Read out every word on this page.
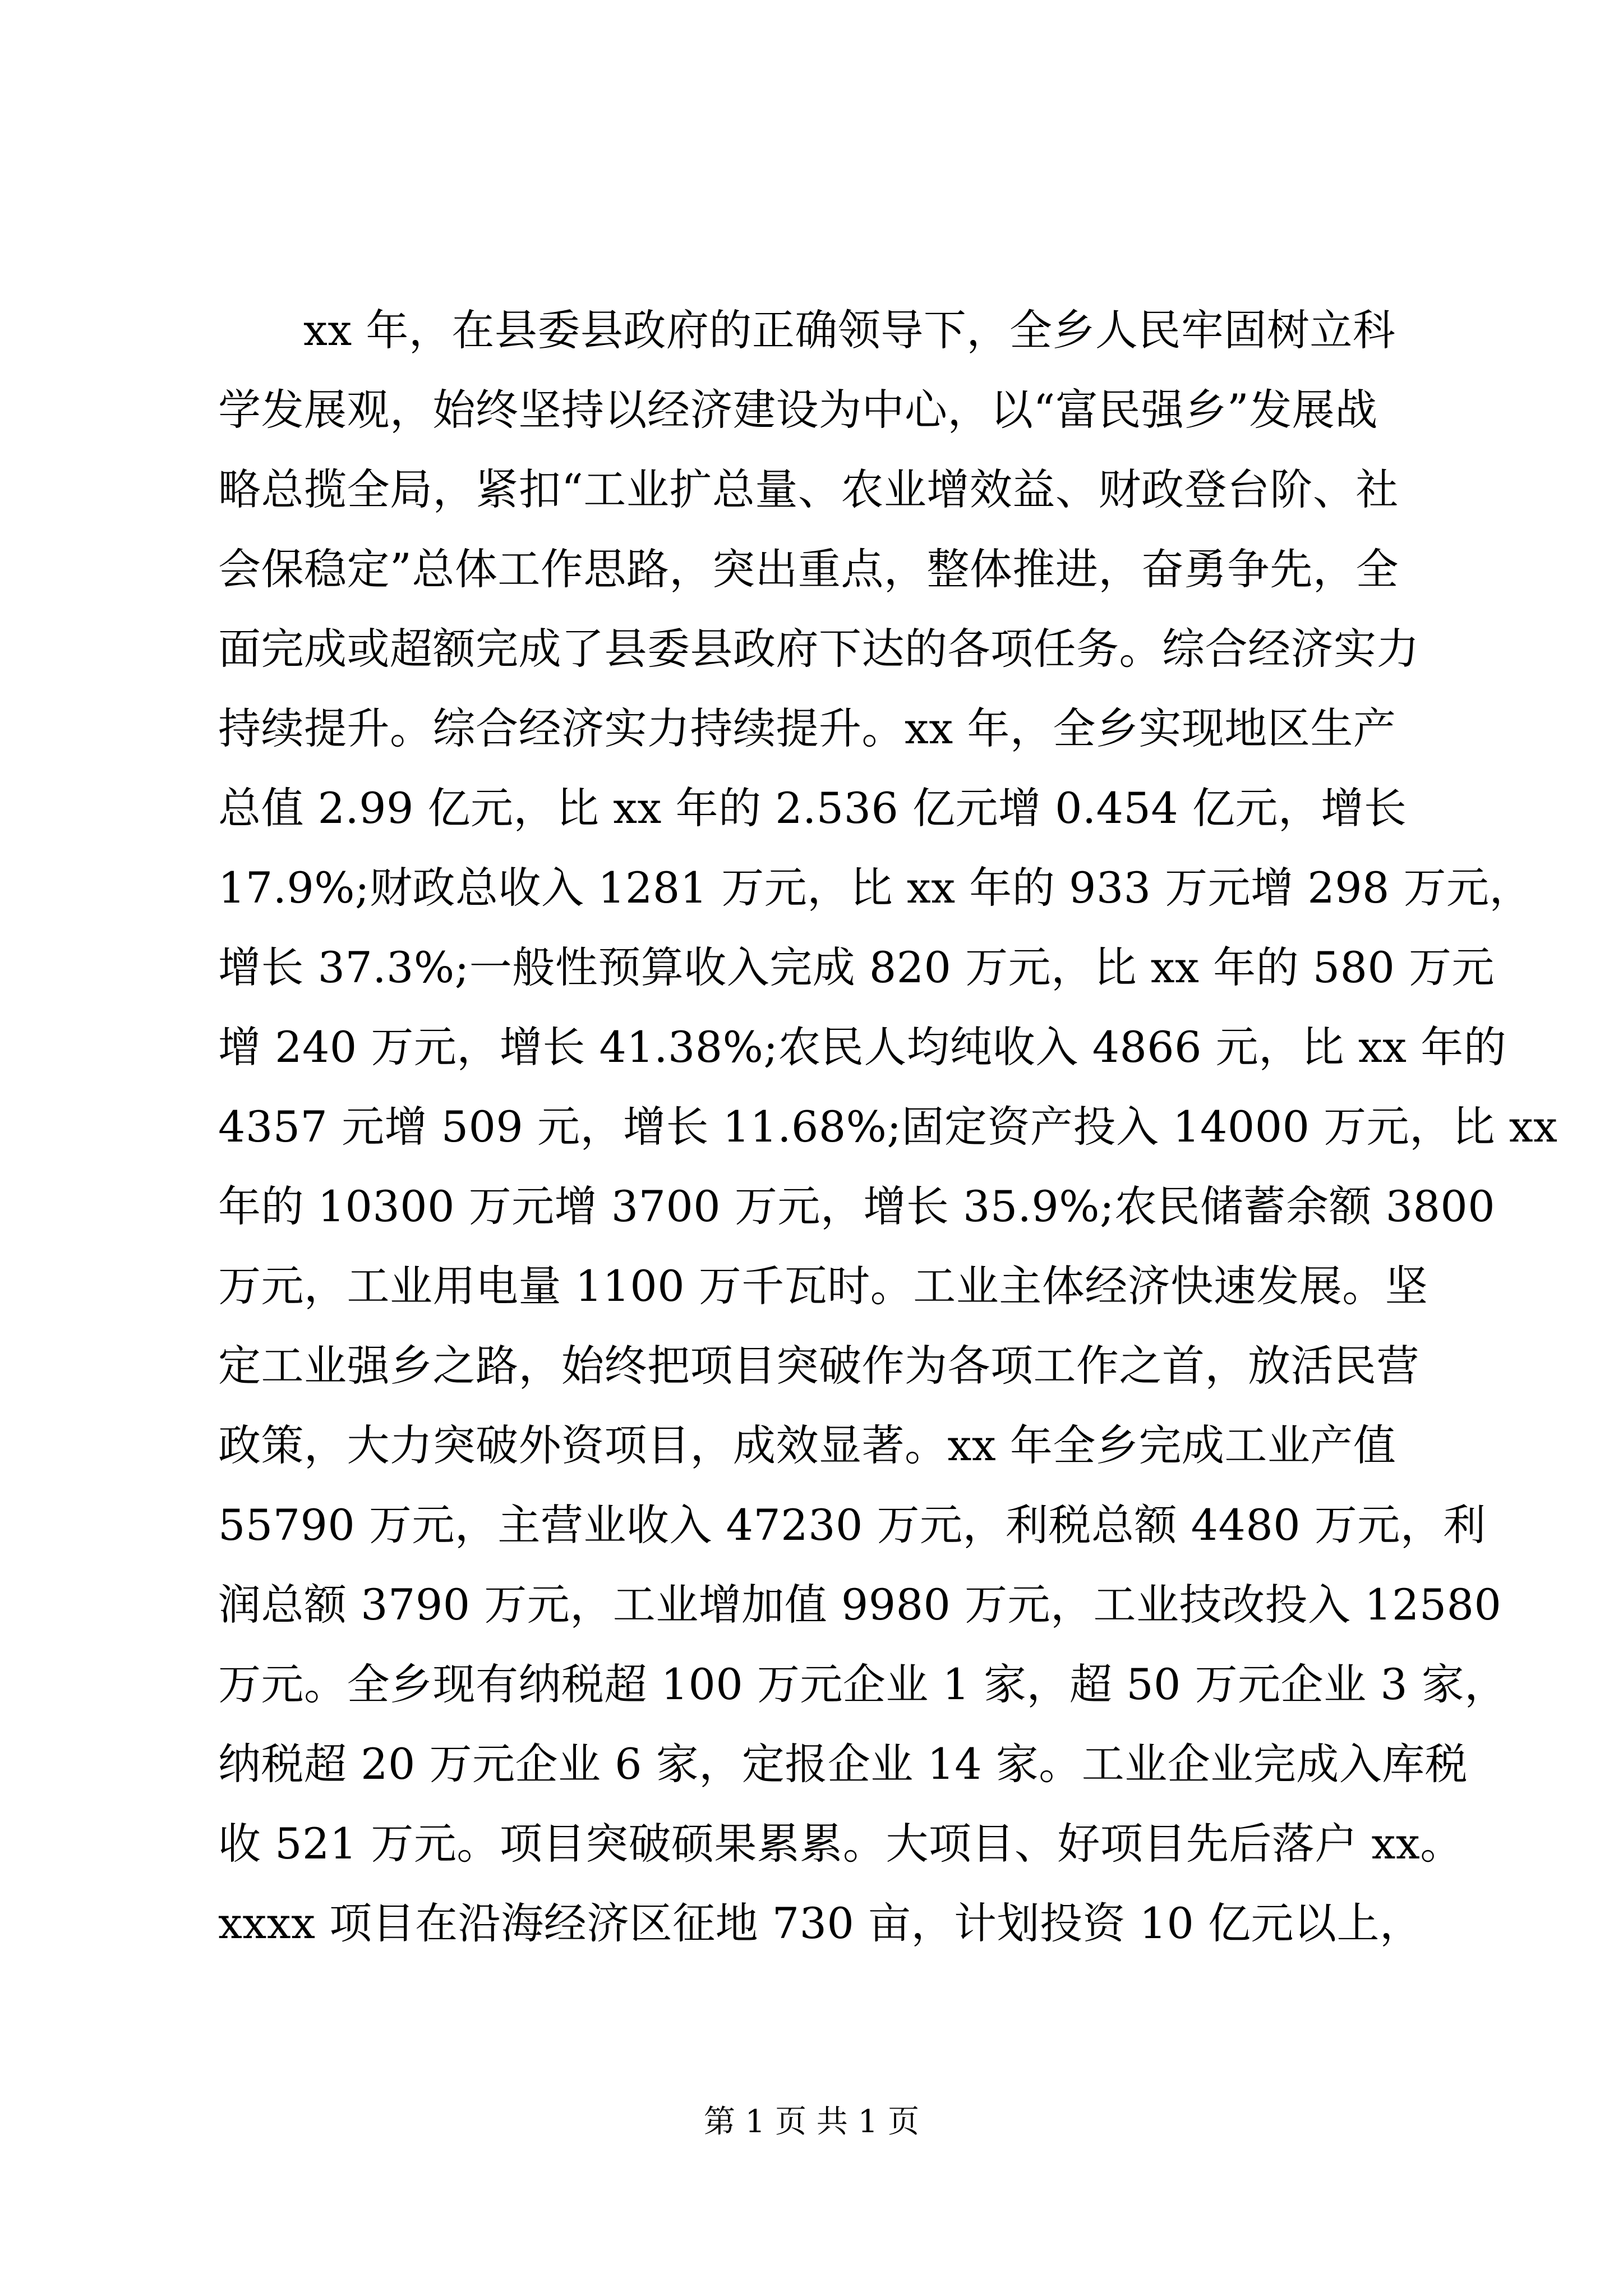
xx 年，在县委县政府的正确领导下，全乡人民牢固树立科
学发展观，始终坚持以经济建设为中心，以“富民强乡”发展战
略总揽全局，紧扣“工业扩总量、农业增效益、财政登台阶、社
会保稳定”总体工作思路，突出重点，整体推进，奋勇争先，全
面完成或超额完成了县委县政府下达的各项任务。综合经济实力
持续提升。综合经济实力持续提升。xx 年，全乡实现地区生产
总值 2.99 亿元，比 xx 年的 2.536 亿元增 0.454 亿元，增长
17.9%;财政总收入 1281 万元，比 xx 年的 933 万元增 298 万元，
增长 37.3%;一般性预算收入完成 820 万元，比 xx 年的 580 万元
增 240 万元，增长 41.38%;农民人均纯收入 4866 元，比 xx 年的
4357 元增 509 元，增长 11.68%;固定资产投入 14000 万元，比 xx
年的 10300 万元增 3700 万元，增长 35.9%;农民储蓄余额 3800
万元，工业用电量 1100 万千瓦时。工业主体经济快速发展。坚
定工业强乡之路，始终把项目突破作为各项工作之首，放活民营
政策，大力突破外资项目，成效显著。xx 年全乡完成工业产值
55790 万元，主营业收入 47230 万元，利税总额 4480 万元，利
润总额 3790 万元，工业增加值 9980 万元，工业技改投入 12580
万元。全乡现有纳税超 100 万元企业 1 家，超 50 万元企业 3 家，
纳税超 20 万元企业 6 家，定报企业 14 家。工业企业完成入库税
收 521 万元。项目突破硕果累累。大项目、好项目先后落户 xx。
xxxx 项目在沿海经济区征地 730 亩，计划投资 10 亿元以上，
第 1 页 共 1 页
